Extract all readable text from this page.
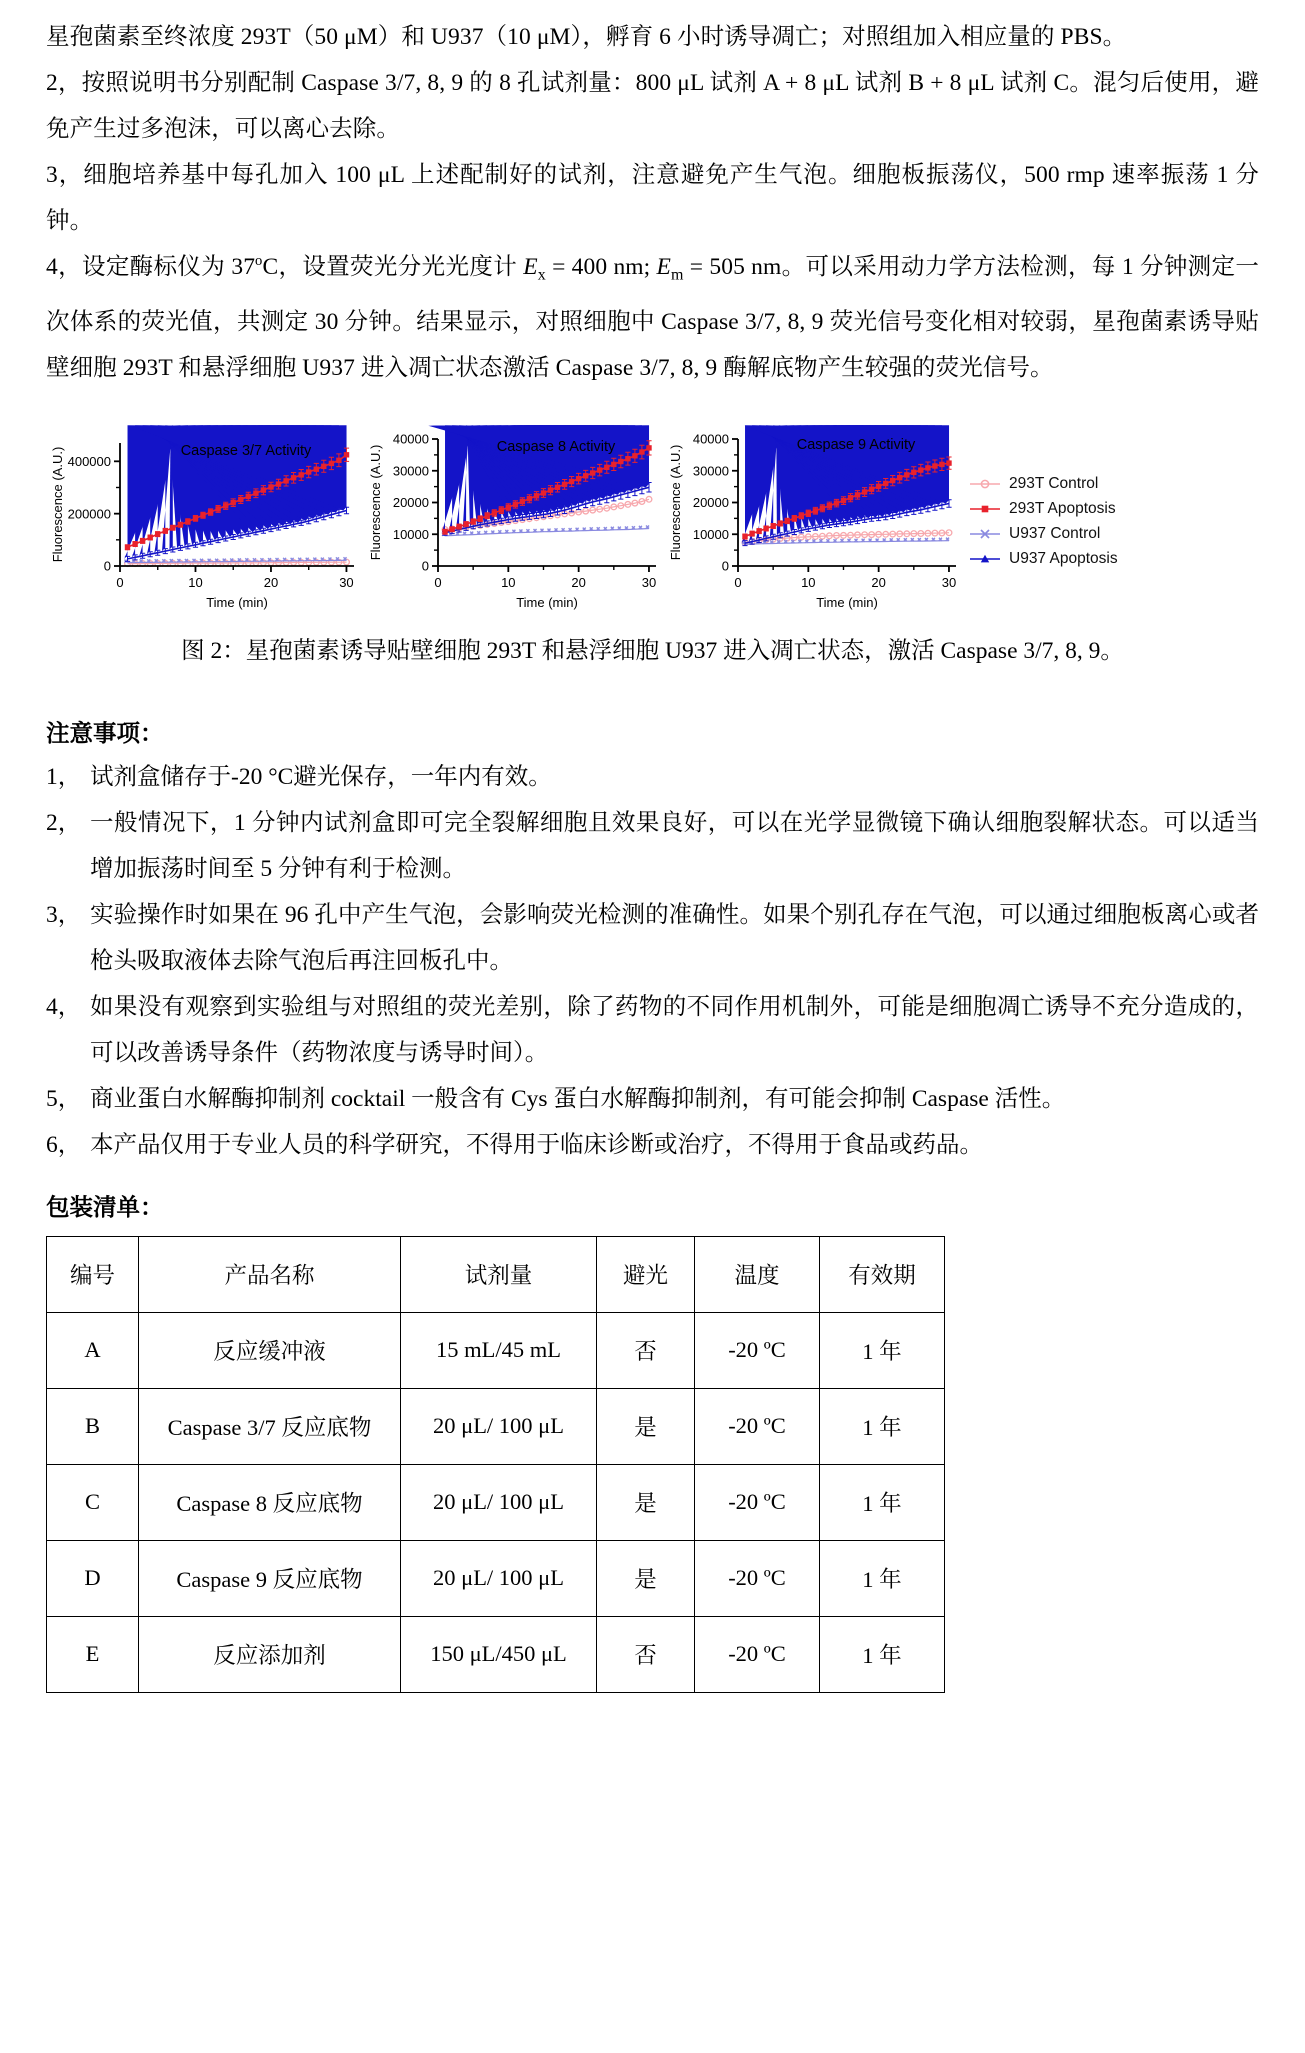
星孢菌素至终浓度 293T（50 μM）和 U937（10 μM），孵育 6 小时诱导凋亡；对照组加入相应量的 PBS。

2，按照说明书分别配制 Caspase 3/7, 8, 9 的 8 孔试剂量：800 μL 试剂 A + 8 μL 试剂 B + 8 μL 试剂 C。混匀后使用，避免产生过多泡沫，可以离心去除。

3，细胞培养基中每孔加入 100 μL 上述配制好的试剂，注意避免产生气泡。细胞板振荡仪，500 rmp 速率振荡 1 分钟。

4，设定酶标仪为 37$^o$C，设置荧光分光光度计 $E_x = 400$ nm; $E_m = 505$ nm。可以采用动力学方法检测，每 1 分钟测定一次体系的荧光值，共测定 30 分钟。结果显示，对照细胞中 Caspase 3/7, 8, 9 荧光信号变化相对较弱，星孢菌素诱导贴壁细胞 293T 和悬浮细胞 U937 进入凋亡状态激活 Caspase 3/7, 8, 9 酶解底物产生较强的荧光信号。

0
200000
400000
0	10	20	30
Time (min)
Fluorescence (A.U.)	Caspase 3/7 Activity
0
10000
20000
30000
40000
0	10	20	30
Time (min)
Fluorescence (A.U.)	Caspase 8 Activity
0
10000
20000
30000
40000
0	10	20	30
Time (min)
Fluorescence (A.U.)	Caspase 9 Activity
293T Control
293T Apoptosis
U937 Control
U937 Apoptosis
图 2：星孢菌素诱导贴壁细胞 293T 和悬浮细胞 U937 进入凋亡状态，激活 Caspase 3/7, 8, 9。
注意事项：
1， 试剂盒储存于-20 °C避光保存，一年内有效。
2， 一般情况下，1 分钟内试剂盒即可完全裂解细胞且效果良好，可以在光学显微镜下确认细胞裂解状态。可以适当增加振荡时间至 5 分钟有利于检测。
3， 实验操作时如果在 96 孔中产生气泡，会影响荧光检测的准确性。如果个别孔存在气泡，可以通过细胞板离心或者枪头吸取液体去除气泡后再注回板孔中。
4， 如果没有观察到实验组与对照组的荧光差别，除了药物的不同作用机制外，可能是细胞凋亡诱导不充分造成的，可以改善诱导条件（药物浓度与诱导时间）。
5， 商业蛋白水解酶抑制剂 cocktail 一般含有 Cys 蛋白水解酶抑制剂，有可能会抑制 Caspase 活性。
6， 本产品仅用于专业人员的科学研究，不得用于临床诊断或治疗，不得用于食品或药品。
包装清单：
编号	产品名称	试剂量	避光	温度	有效期
A	反应缓冲液	15 mL/45 mL	否	-20 ºC	1 年
B	Caspase 3/7 反应底物	20 μL/ 100 μL	是	-20 ºC	1 年
C	Caspase 8 反应底物	20 μL/ 100 μL	是	-20 ºC	1 年
D	Caspase 9 反应底物	20 μL/ 100 μL	是	-20 ºC	1 年
E	反应添加剂	150 μL/450 μL	否	-20 ºC	1 年
